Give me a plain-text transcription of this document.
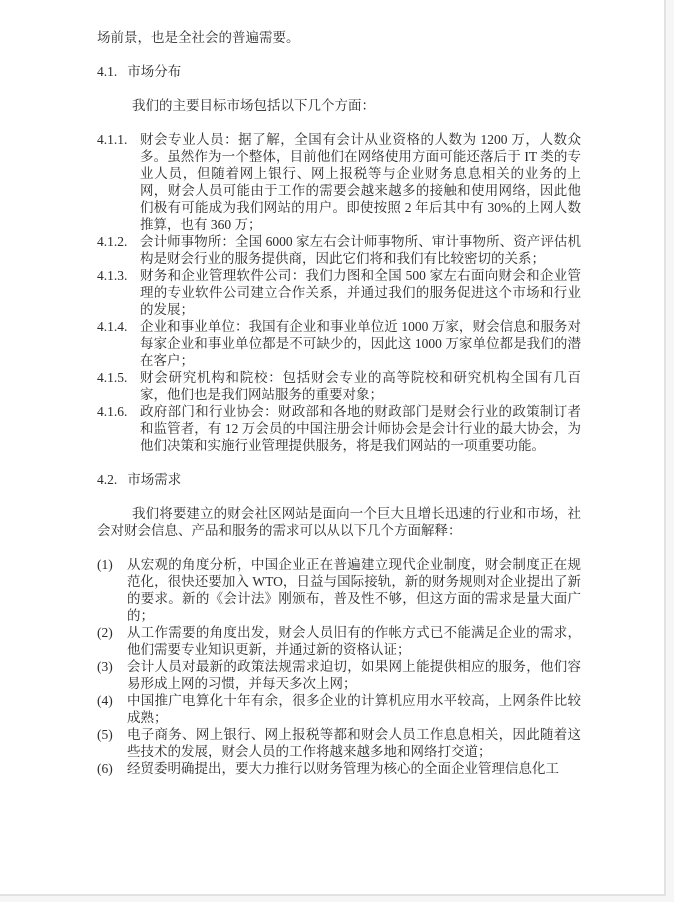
场前景，也是全社会的普遍需要。

4.1. 市场分布

我们的主要目标市场包括以下几个方面：

4.1.1. 财会专业人员：据了解，全国有会计从业资格的人数为 1200 万，人数众多。虽然作为一个整体，目前他们在网络使用方面可能还落后于 IT 类的专业人员，但随着网上银行、网上报税等与企业财务息息相关的业务的上网，财会人员可能由于工作的需要会越来越多的接触和使用网络，因此他们极有可能成为我们网站的用户。即使按照 2 年后其中有 30%的上网人数推算，也有 360 万；
4.1.2. 会计师事物所：全国 6000 家左右会计师事物所、审计事物所、资产评估机构是财会行业的服务提供商，因此它们将和我们有比较密切的关系；
4.1.3. 财务和企业管理软件公司：我们力图和全国 500 家左右面向财会和企业管理的专业软件公司建立合作关系，并通过我们的服务促进这个市场和行业的发展；
4.1.4. 企业和事业单位：我国有企业和事业单位近 1000 万家，财会信息和服务对每家企业和事业单位都是不可缺少的，因此这 1000 万家单位都是我们的潜在客户；
4.1.5. 财会研究机构和院校：包括财会专业的高等院校和研究机构全国有几百家，他们也是我们网站服务的重要对象；
4.1.6. 政府部门和行业协会：财政部和各地的财政部门是财会行业的政策制订者和监管者，有 12 万会员的中国注册会计师协会是会计行业的最大协会，为他们决策和实施行业管理提供服务，将是我们网站的一项重要功能。
4.2. 市场需求

我们将要建立的财会社区网站是面向一个巨大且增长迅速的行业和市场，社会对财会信息、产品和服务的需求可以从以下几个方面解释：

(1)	从宏观的角度分析，中国企业正在普遍建立现代企业制度，财会制度正在规范化，很快还要加入 WTO，日益与国际接轨，新的财务规则对企业提出了新的要求。新的《会计法》刚颁布，普及性不够，但这方面的需求是量大面广的；
(2)	从工作需要的角度出发，财会人员旧有的作帐方式已不能满足企业的需求，他们需要专业知识更新，并通过新的资格认证；
(3)	会计人员对最新的政策法规需求迫切，如果网上能提供相应的服务，他们容易形成上网的习惯，并每天多次上网；
(4)	中国推广电算化十年有余，很多企业的计算机应用水平较高，上网条件比较成熟；
(5)	电子商务、网上银行、网上报税等都和财会人员工作息息相关，因此随着这些技术的发展，财会人员的工作将越来越多地和网络打交道；
(6)	经贸委明确提出，要大力推行以财务管理为核心的全面企业管理信息化工
